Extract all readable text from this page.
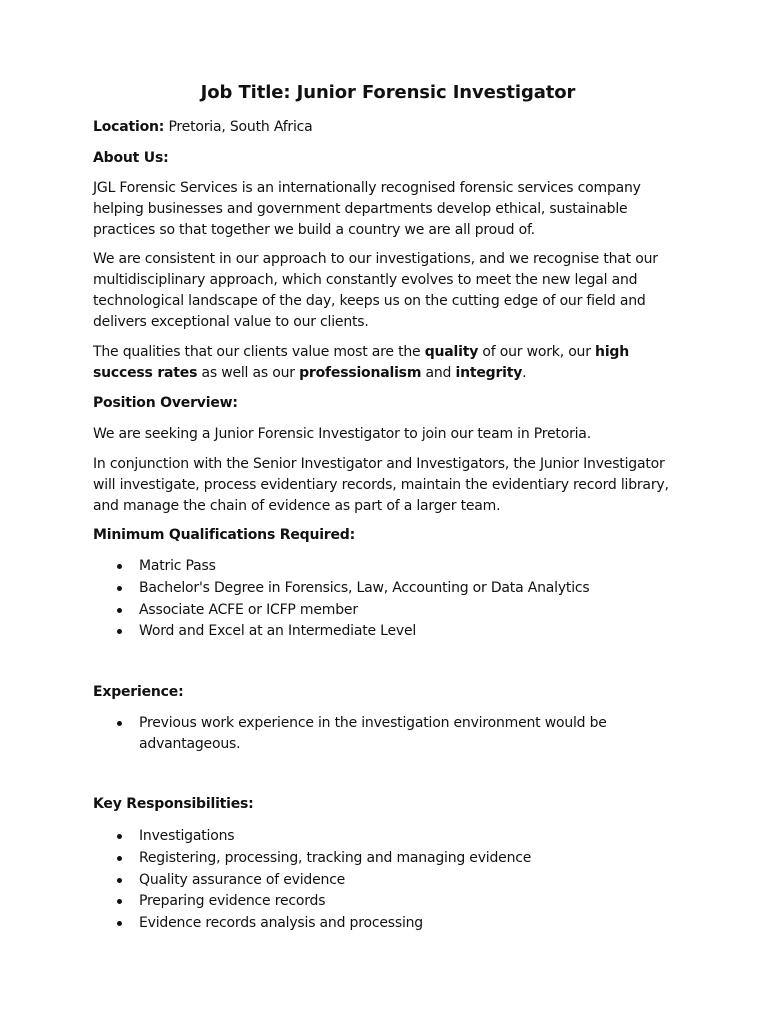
Job Title: Junior Forensic Investigator
Location: Pretoria, South Africa
About Us:
JGL Forensic Services is an internationally recognised forensic services company helping businesses and government departments develop ethical, sustainable practices so that together we build a country we are all proud of.
We are consistent in our approach to our investigations, and we recognise that our multidisciplinary approach, which constantly evolves to meet the new legal and technological landscape of the day, keeps us on the cutting edge of our field and delivers exceptional value to our clients.
The qualities that our clients value most are the quality of our work, our high success rates as well as our professionalism and integrity.
Position Overview:
We are seeking a Junior Forensic Investigator to join our team in Pretoria.
In conjunction with the Senior Investigator and Investigators, the Junior Investigator will investigate, process evidentiary records, maintain the evidentiary record library, and manage the chain of evidence as part of a larger team.
Minimum Qualifications Required:
Matric Pass
Bachelor's Degree in Forensics, Law, Accounting or Data Analytics
Associate ACFE or ICFP member
Word and Excel at an Intermediate Level
Experience:
Previous work experience in the investigation environment would be advantageous.
Key Responsibilities:
Investigations
Registering, processing, tracking and managing evidence
Quality assurance of evidence
Preparing evidence records
Evidence records analysis and processing
